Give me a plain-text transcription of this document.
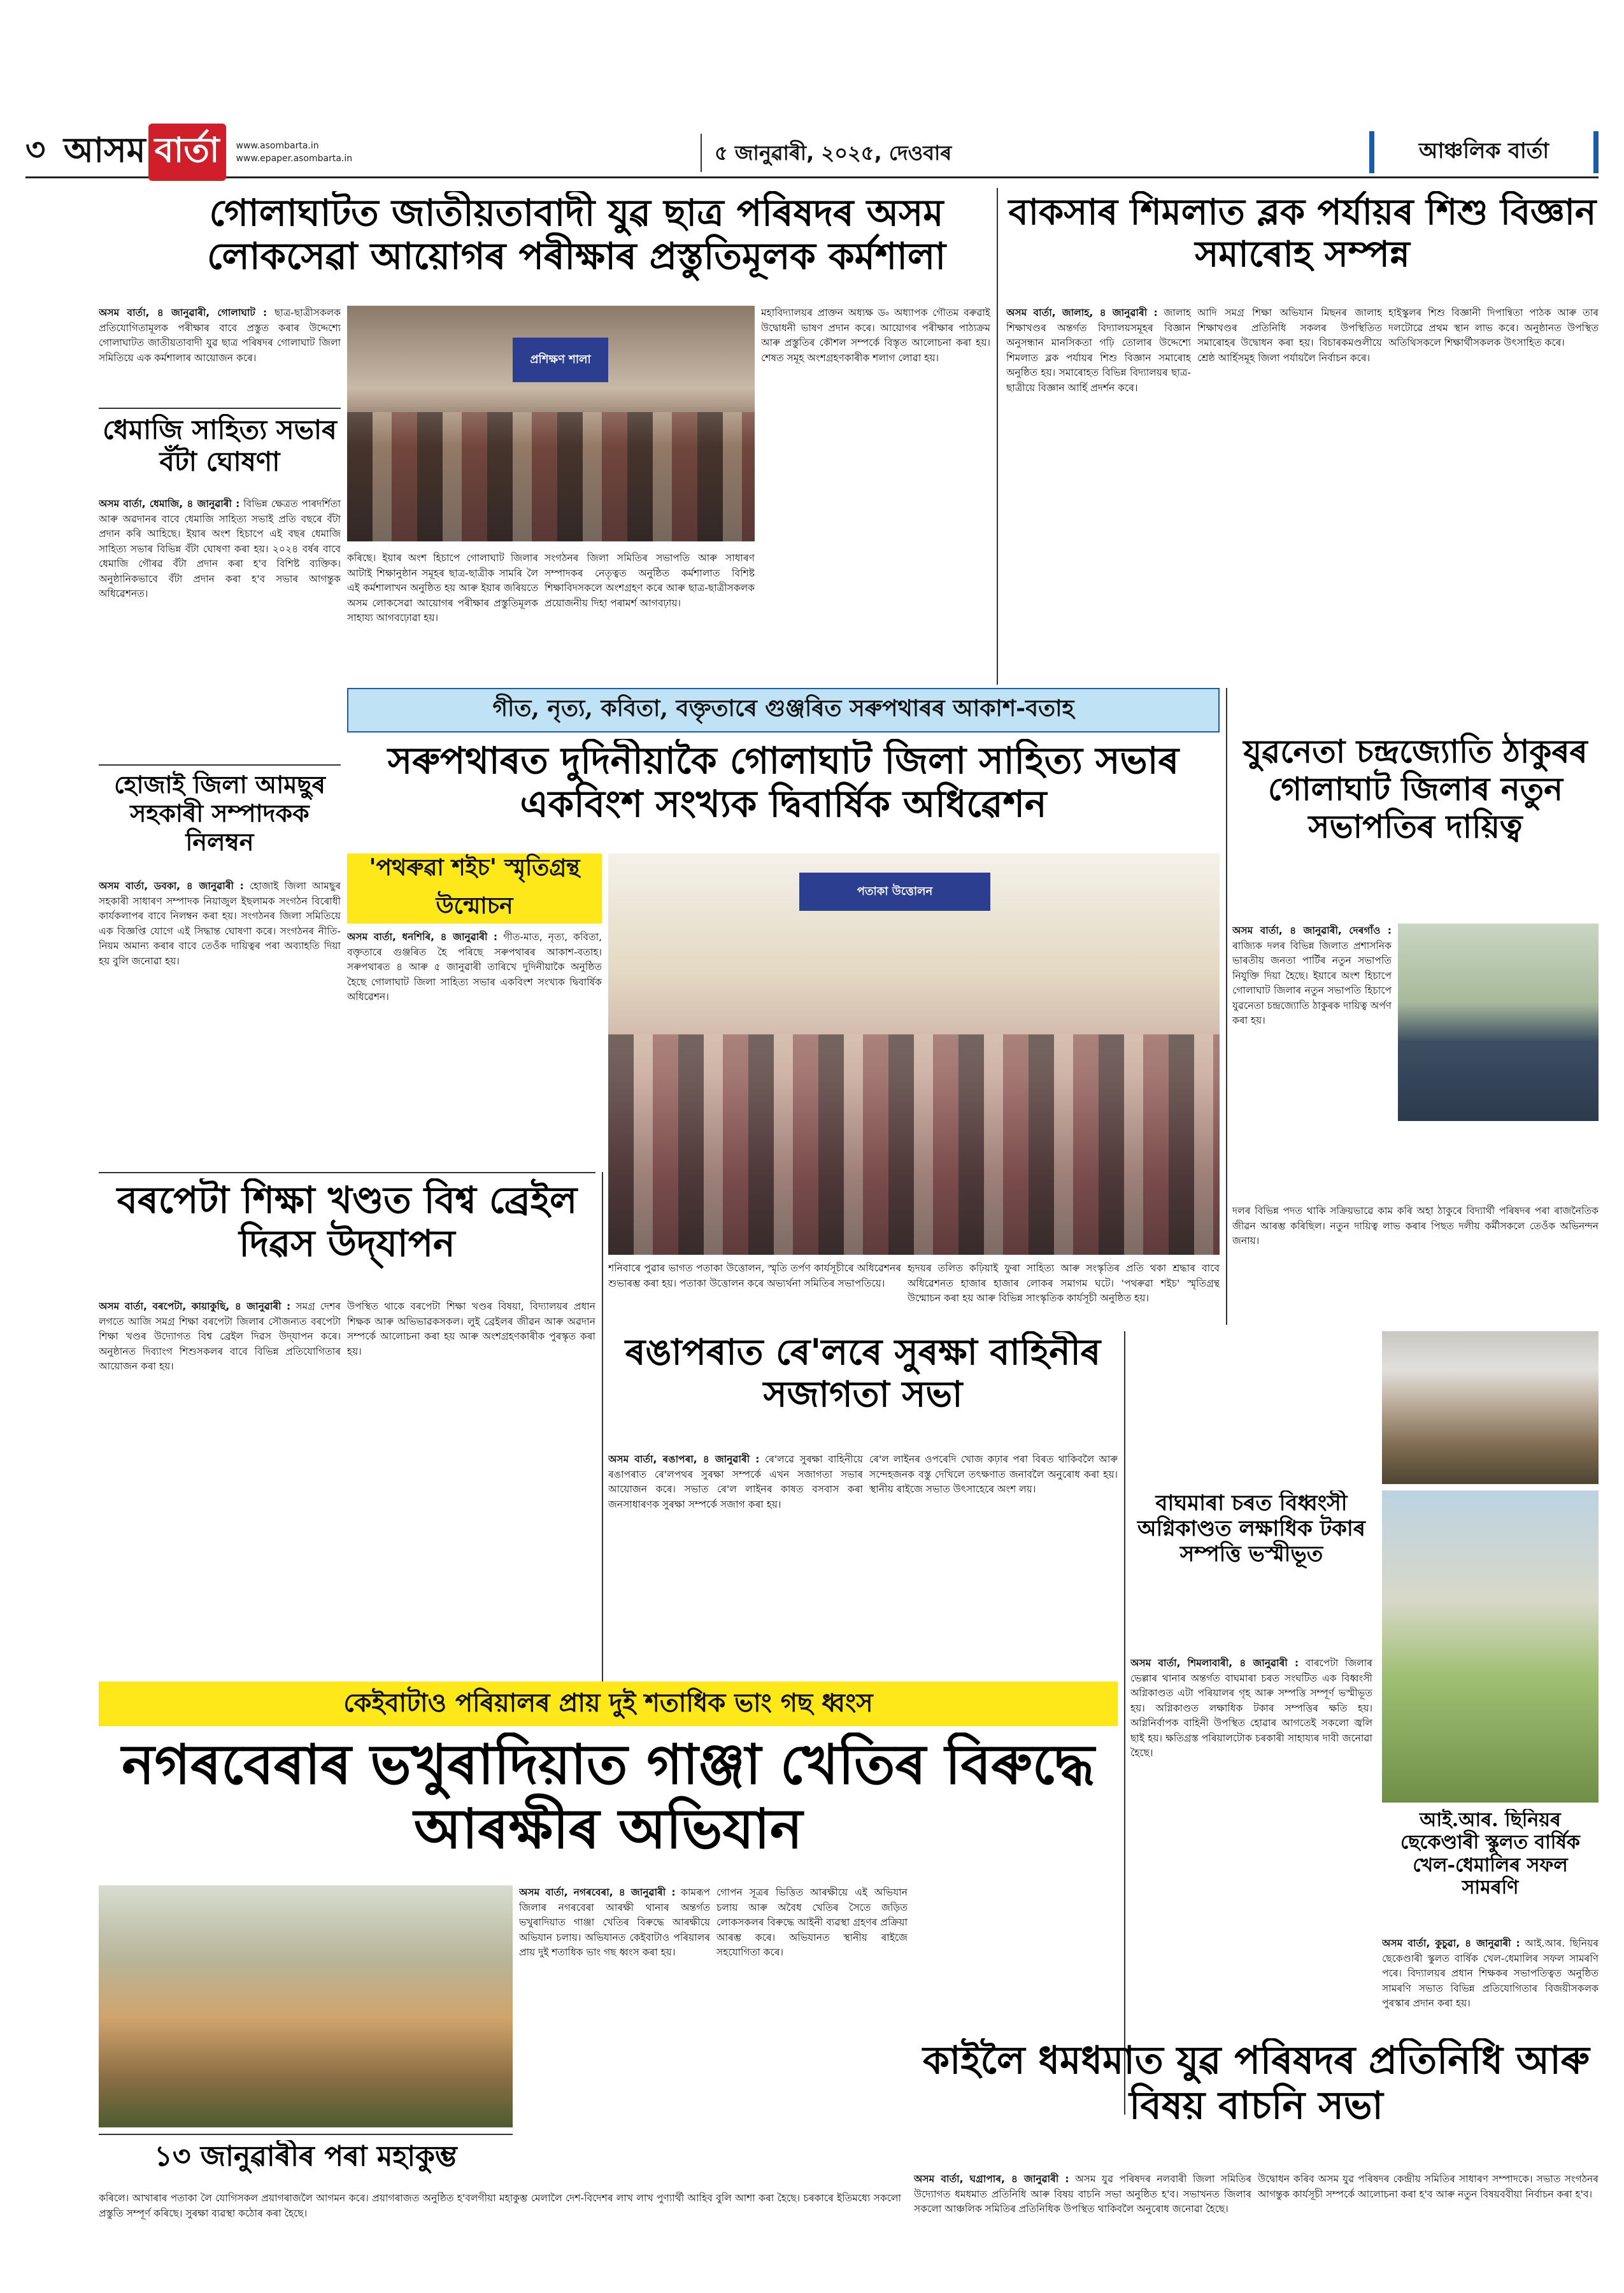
৩ আসম বাৰ্তা	www.asombarta.in
www.epaper.asombarta.in	৫ জানুৱাৰী, ২০২৫, দেওবাৰ	আঞ্চলিক বাৰ্তা
গোলাঘাটত জাতীয়তাবাদী যুৱ ছাত্ৰ পৰিষদৰ অসম লোকসেৱা আয়োগৰ পৰীক্ষাৰ প্ৰস্তুতিমূলক কৰ্মশালা
অসম বাৰ্তা, ৪ জানুৱাৰী, গোলাঘাট : ছাত্ৰ-ছাত্ৰীসকলক প্ৰতিযোগিতামূলক পৰীক্ষাৰ বাবে প্ৰস্তুত কৰাৰ উদ্দেশ্যে গোলাঘাটত জাতীয়তাবাদী যুৱ ছাত্ৰ পৰিষদৰ গোলাঘাট জিলা সমিতিয়ে এক কৰ্মশালাৰ আয়োজন কৰে।	প্ৰশিক্ষণ শালা
মহাবিদ্যালয়ৰ প্ৰাক্তন অধ্যক্ষ ড৹ অধ্যাপক গৌতম বৰুৱাই উদ্বোধনী ভাষণ প্ৰদান কৰে। আয়োগৰ পৰীক্ষাৰ পাঠ্যক্ৰম আৰু প্ৰস্তুতিৰ কৌশল সম্পৰ্কে বিস্তৃত আলোচনা কৰা হয়। শেষত সমূহ অংশগ্ৰহণকাৰীক শলাগ লোৱা হয়।
কৰিছে। ইয়াৰ অংশ হিচাপে গোলাঘাট জিলাৰ আটাই শিক্ষানুষ্ঠান সমূহৰ ছাত্ৰ-ছাত্ৰীক সামৰি লৈ এই কৰ্মশালাখন অনুষ্ঠিত হয় আৰু ইয়াৰ জৰিয়তে অসম লোকসেৱা আয়োগৰ পৰীক্ষাৰ প্ৰস্তুতিমূলক সাহায্য আগবঢ়োৱা হয়।
সংগঠনৰ জিলা সমিতিৰ সভাপতি আৰু সাধাৰণ সম্পাদকৰ নেতৃত্বত অনুষ্ঠিত কৰ্মশালাত বিশিষ্ট শিক্ষাবিদসকলে অংশগ্ৰহণ কৰে আৰু ছাত্ৰ-ছাত্ৰীসকলক প্ৰয়োজনীয় দিহা পৰামৰ্শ আগবঢ়ায়।
বাকসাৰ শিমলাত ব্লক পৰ্যায়ৰ শিশু বিজ্ঞান সমাৰোহ সম্পন্ন
অসম বাৰ্তা, জালাহ, ৪ জানুৱাৰী : জালাহ শিক্ষাখণ্ডৰ অন্তৰ্গত বিদ্যালয়সমূহৰ বিজ্ঞান অনুসন্ধান মানসিকতা গঢ়ি তোলাৰ উদ্দেশ্যে শিমলাত ব্লক পৰ্যায়ৰ শিশু বিজ্ঞান সমাৰোহ অনুষ্ঠিত হয়। সমাৰোহত বিভিন্ন বিদ্যালয়ৰ ছাত্ৰ-ছাত্ৰীয়ে বিজ্ঞান আৰ্হি প্ৰদৰ্শন কৰে।
আদি সমগ্ৰ শিক্ষা অভিযান মিছনৰ জালাহ শিক্ষাখণ্ডৰ প্ৰতিনিধি সকলৰ উপস্থিতিত সমাৰোহৰ উদ্বোধন কৰা হয়। বিচাৰকমণ্ডলীয়ে শ্ৰেষ্ঠ আৰ্হিসমূহ জিলা পৰ্যায়লৈ নিৰ্বাচন কৰে।
হাইস্কুলৰ শিশু বিজ্ঞানী দিপান্বিতা পাঠক আৰু তাৰ দলটোৱে প্ৰথম স্থান লাভ কৰে। অনুষ্ঠানত উপস্থিত অতিথিসকলে শিক্ষাৰ্থীসকলক উৎসাহিত কৰে।
ধেমাজি সাহিত্য সভাৰ বঁটা ঘোষণা
অসম বাৰ্তা, ধেমাজি, ৪ জানুৱাৰী : বিভিন্ন ক্ষেত্ৰত পাৰদৰ্শিতা আৰু অৱদানৰ বাবে ধেমাজি সাহিত্য সভাই প্ৰতি বছৰে বঁটা প্ৰদান কৰি আহিছে। ইয়াৰ অংশ হিচাপে এই বছৰ ধেমাজি সাহিত্য সভাৰ বিভিন্ন বঁটা ঘোষণা কৰা হয়। ২০২৪ বৰ্ষৰ বাবে ধেমাজি গৌৰৱ বঁটা প্ৰদান কৰা হ'ব বিশিষ্ট ব্যক্তিক। অনুষ্ঠানিকভাবে বঁটা প্ৰদান কৰা হ'ব সভাৰ আগন্তুক অধিৱেশনত।
হোজাই জিলা আমছুৰ সহকাৰী সম্পাদকক নিলম্বন
অসম বাৰ্তা, ডবকা, ৪ জানুৱাৰী : হোজাই জিলা আমছুৰ সহকাৰী সাধাৰণ সম্পাদক নিয়াজুল ইছলামক সংগঠন বিৰোধী কাৰ্যকলাপৰ বাবে নিলম্বন কৰা হয়। সংগঠনৰ জিলা সমিতিয়ে এক বিজ্ঞপ্তি যোগে এই সিদ্ধান্ত ঘোষণা কৰে। সংগঠনৰ নীতি-নিয়ম অমান্য কৰাৰ বাবে তেওঁক দায়িত্বৰ পৰা অব্যাহতি দিয়া হয় বুলি জনোৱা হয়।
গীত, নৃত্য, কবিতা, বক্তৃতাৰে গুঞ্জৰিত সৰুপথাৰৰ আকাশ-বতাহ
সৰুপথাৰত দুদিনীয়াকৈ গোলাঘাট জিলা সাহিত্য সভাৰ একবিংশ সংখ্যক দ্বিবাৰ্ষিক অধিৱেশন
'পথৰুৱা শইচ' স্মৃতিগ্ৰন্থ উন্মোচন
অসম বাৰ্তা, ধনশিৰি, ৪ জানুৱাৰী : গীত-মাত, নৃত্য, কবিতা, বক্তৃতাৰে গুঞ্জৰিত হৈ পৰিছে সৰুপথাৰৰ আকাশ-বতাহ। সৰুপথাৰত ৪ আৰু ৫ জানুৱাৰী তাৰিখে দুদিনীয়াকৈ অনুষ্ঠিত হৈছে গোলাঘাট জিলা সাহিত্য সভাৰ একবিংশ সংখ্যক দ্বিবাৰ্ষিক অধিৱেশন।
পতাকা উত্তোলন
শনিবাৰে পুৱাৰ ভাগত পতাকা উত্তোলন, স্মৃতি তৰ্পণ কাৰ্যসূচীৰে অধিৱেশনৰ শুভাৰম্ভ কৰা হয়। পতাকা উত্তোলন কৰে অভ্যৰ্থনা সমিতিৰ সভাপতিয়ে।
হৃদয়ৰ তলিত কঢ়িয়াই ফুৰা সাহিত্য আৰু সংস্কৃতিৰ প্ৰতি থকা শ্ৰদ্ধাৰ বাবে অধিৱেশনত হাজাৰ হাজাৰ লোকৰ সমাগম ঘটে। 'পথৰুৱা শইচ' স্মৃতিগ্ৰন্থ উন্মোচন কৰা হয় আৰু বিভিন্ন সাংস্কৃতিক কাৰ্যসূচী অনুষ্ঠিত হয়।
যুৱনেতা চন্দ্ৰজ্যোতি ঠাকুৰৰ গোলাঘাট জিলাৰ নতুন সভাপতিৰ দায়িত্ব
অসম বাৰ্তা, ৪ জানুৱাৰী, দেৰগাঁও : ৰাজ্যিক দলৰ বিভিন্ন জিলাত প্ৰশাসনিক ভাৰতীয় জনতা পাৰ্টিৰ নতুন সভাপতি নিযুক্তি দিয়া হৈছে। ইয়াৰে অংশ হিচাপে গোলাঘাট জিলাৰ নতুন সভাপতি হিচাপে যুৱনেতা চন্দ্ৰজ্যোতি ঠাকুৰক দায়িত্ব অৰ্পণ কৰা হয়।
দলৰ বিভিন্ন পদত থাকি সক্ৰিয়ভাৱে কাম কৰি অহা ঠাকুৰে বিদ্যাৰ্থী পৰিষদৰ পৰা ৰাজনৈতিক জীৱন আৰম্ভ কৰিছিল। নতুন দায়িত্ব লাভ কৰাৰ পিছত দলীয় কৰ্মীসকলে তেওঁক অভিনন্দন জনায়।
বৰপেটা শিক্ষা খণ্ডত বিশ্ব ব্ৰেইল দিৱস উদ্‌যাপন
অসম বাৰ্তা, বৰপেটা, কায়াকুছি, ৪ জানুৱাৰী : সমগ্ৰ দেশৰ লগতে আজি সমগ্ৰ শিক্ষা বৰপেটা জিলাৰ সৌজন্যত বৰপেটা শিক্ষা খণ্ডৰ উদ্যোগত বিশ্ব ব্ৰেইল দিৱস উদ্‌যাপন কৰে। অনুষ্ঠানত দিব্যাংগ শিশুসকলৰ বাবে বিভিন্ন প্ৰতিযোগিতাৰ আয়োজন কৰা হয়।
উপস্থিত থাকে বৰপেটা শিক্ষা খণ্ডৰ বিষয়া, বিদ্যালয়ৰ প্ৰধান শিক্ষক আৰু অভিভাৱকসকল। লুই ব্ৰেইলৰ জীৱন আৰু অৱদান সম্পৰ্কে আলোচনা কৰা হয় আৰু অংশগ্ৰহণকাৰীক পুৰস্কৃত কৰা হয়।	ৰঙাপৰাত ৰে'লৰে সুৰক্ষা বাহিনীৰ সজাগতা সভা
অসম বাৰ্তা, ৰঙাপৰা, ৪ জানুৱাৰী : ৰে'লৱে সুৰক্ষা বাহিনীয়ে ৰঙাপৰাত ৰে'লপথৰ সুৰক্ষা সম্পৰ্কে এখন সজাগতা সভাৰ আয়োজন কৰে। সভাত ৰে'ল লাইনৰ কাষত বসবাস কৰা জনসাধাৰণক সুৰক্ষা সম্পৰ্কে সজাগ কৰা হয়।
ৰে'ল লাইনৰ ওপৰেদি খোজ কঢ়াৰ পৰা বিৰত থাকিবলৈ আৰু সন্দেহজনক বস্তু দেখিলে তৎক্ষণাত জনাবলৈ অনুৰোধ কৰা হয়। স্থানীয় ৰাইজে সভাত উৎসাহেৰে অংশ লয়।
বাঘমাৰা চৰত বিধ্বংসী অগ্নিকাণ্ডত লক্ষাধিক টকাৰ সম্পত্তি ভস্মীভূত
অসম বাৰ্তা, শিমলাবাৰী, ৪ জানুৱাৰী : বাৰপেটা জিলাৰ ভেল্লাৰ থানাৰ অন্তৰ্গত বাঘমাৰা চৰত সংঘটিত এক বিধ্বংসী অগ্নিকাণ্ডত এটা পৰিয়ালৰ গৃহ আৰু সম্পত্তি সম্পূৰ্ণ ভস্মীভূত হয়। অগ্নিকাণ্ডত লক্ষাধিক টকাৰ সম্পত্তিৰ ক্ষতি হয়। অগ্নিনিৰ্বাপক বাহিনী উপস্থিত হোৱাৰ আগতেই সকলো জ্বলি ছাই হয়। ক্ষতিগ্ৰস্ত পৰিয়ালটোক চৰকাৰী সাহায্যৰ দাবী জনোৱা হৈছে।
কেইবাটাও পৰিয়ালৰ প্ৰায় দুই শতাধিক ভাং গছ ধ্বংস
নগৰবেৰাৰ ভখুৰাদিয়াত গাঞ্জা খেতিৰ বিৰুদ্ধে আৰক্ষীৰ অভিযান
অসম বাৰ্তা, নগৰবেৰা, ৪ জানুৱাৰী : কামৰূপ জিলাৰ নগৰবেৰা আৰক্ষী থানাৰ অন্তৰ্গত ভখুৰাদিয়াত গাঞ্জা খেতিৰ বিৰুদ্ধে আৰক্ষীয়ে অভিযান চলায়। অভিযানত কেইবাটাও পৰিয়ালৰ প্ৰায় দুই শতাধিক ভাং গছ ধ্বংস কৰা হয়।
গোপন সূত্ৰৰ ভিত্তিত আৰক্ষীয়ে এই অভিযান চলায় আৰু অবৈধ খেতিৰ সৈতে জড়িত লোকসকলৰ বিৰুদ্ধে আইনী ব্যৱস্থা গ্ৰহণৰ প্ৰক্ৰিয়া আৰম্ভ কৰে। অভিযানত স্থানীয় ৰাইজে সহযোগিতা কৰে।
১৩ জানুৱাৰীৰ পৰা মহাকুম্ভ
কৰিলে। আখাৰাৰ পতাকা লৈ যোগিসকল প্ৰয়াগৰাজলৈ আগমন কৰে। প্ৰয়াগৰাজত অনুষ্ঠিত হ'বলগীয়া মহাকুম্ভ মেলালৈ দেশ-বিদেশৰ লাখ লাখ পুণ্যাৰ্থী আহিব বুলি আশা কৰা হৈছে। চৰকাৰে ইতিমধ্যে সকলো প্ৰস্তুতি সম্পূৰ্ণ কৰিছে। সুৰক্ষা ব্যৱস্থা কঠোৰ কৰা হৈছে।
কাইলৈ ধমধমাত যুৱ পৰিষদৰ প্ৰতিনিধি আৰু বিষয় বাচনি সভা
অসম বাৰ্তা, ঘগ্ৰাপাৰ, ৪ জানুৱাৰী : অসম যুৱ পৰিষদৰ নলবাৰী জিলা সমিতিৰ উদ্যোগত ধমধমাত প্ৰতিনিধি আৰু বিষয় বাচনি সভা অনুষ্ঠিত হ'ব। সভাখনত জিলাৰ সকলো আঞ্চলিক সমিতিৰ প্ৰতিনিধিক উপস্থিত থাকিবলৈ অনুৰোধ জনোৱা হৈছে।
উদ্বোধন কৰিব অসম যুৱ পৰিষদৰ কেন্দ্ৰীয় সমিতিৰ সাধাৰণ সম্পাদকে। সভাত সংগঠনৰ আগন্তুক কাৰ্যসূচী সম্পৰ্কে আলোচনা কৰা হ'ব আৰু নতুন বিষয়ববীয়া নিৰ্বাচন কৰা হ'ব।
আই.আৰ. ছিনিয়ৰ ছেকেণ্ডাৰী স্কুলত বাৰ্ষিক খেল-ধেমালিৰ সফল সামৰণি
অসম বাৰ্তা, কুচুৱা, ৪ জানুৱাৰী : আই.আৰ. ছিনিয়ৰ ছেকেণ্ডাৰী স্কুলত বাৰ্ষিক খেল-ধেমালিৰ সফল সামৰণি পৰে। বিদ্যালয়ৰ প্ৰধান শিক্ষকৰ সভাপতিত্বত অনুষ্ঠিত সামৰণি সভাত বিভিন্ন প্ৰতিযোগিতাৰ বিজয়ীসকলক পুৰস্কাৰ প্ৰদান কৰা হয়।
